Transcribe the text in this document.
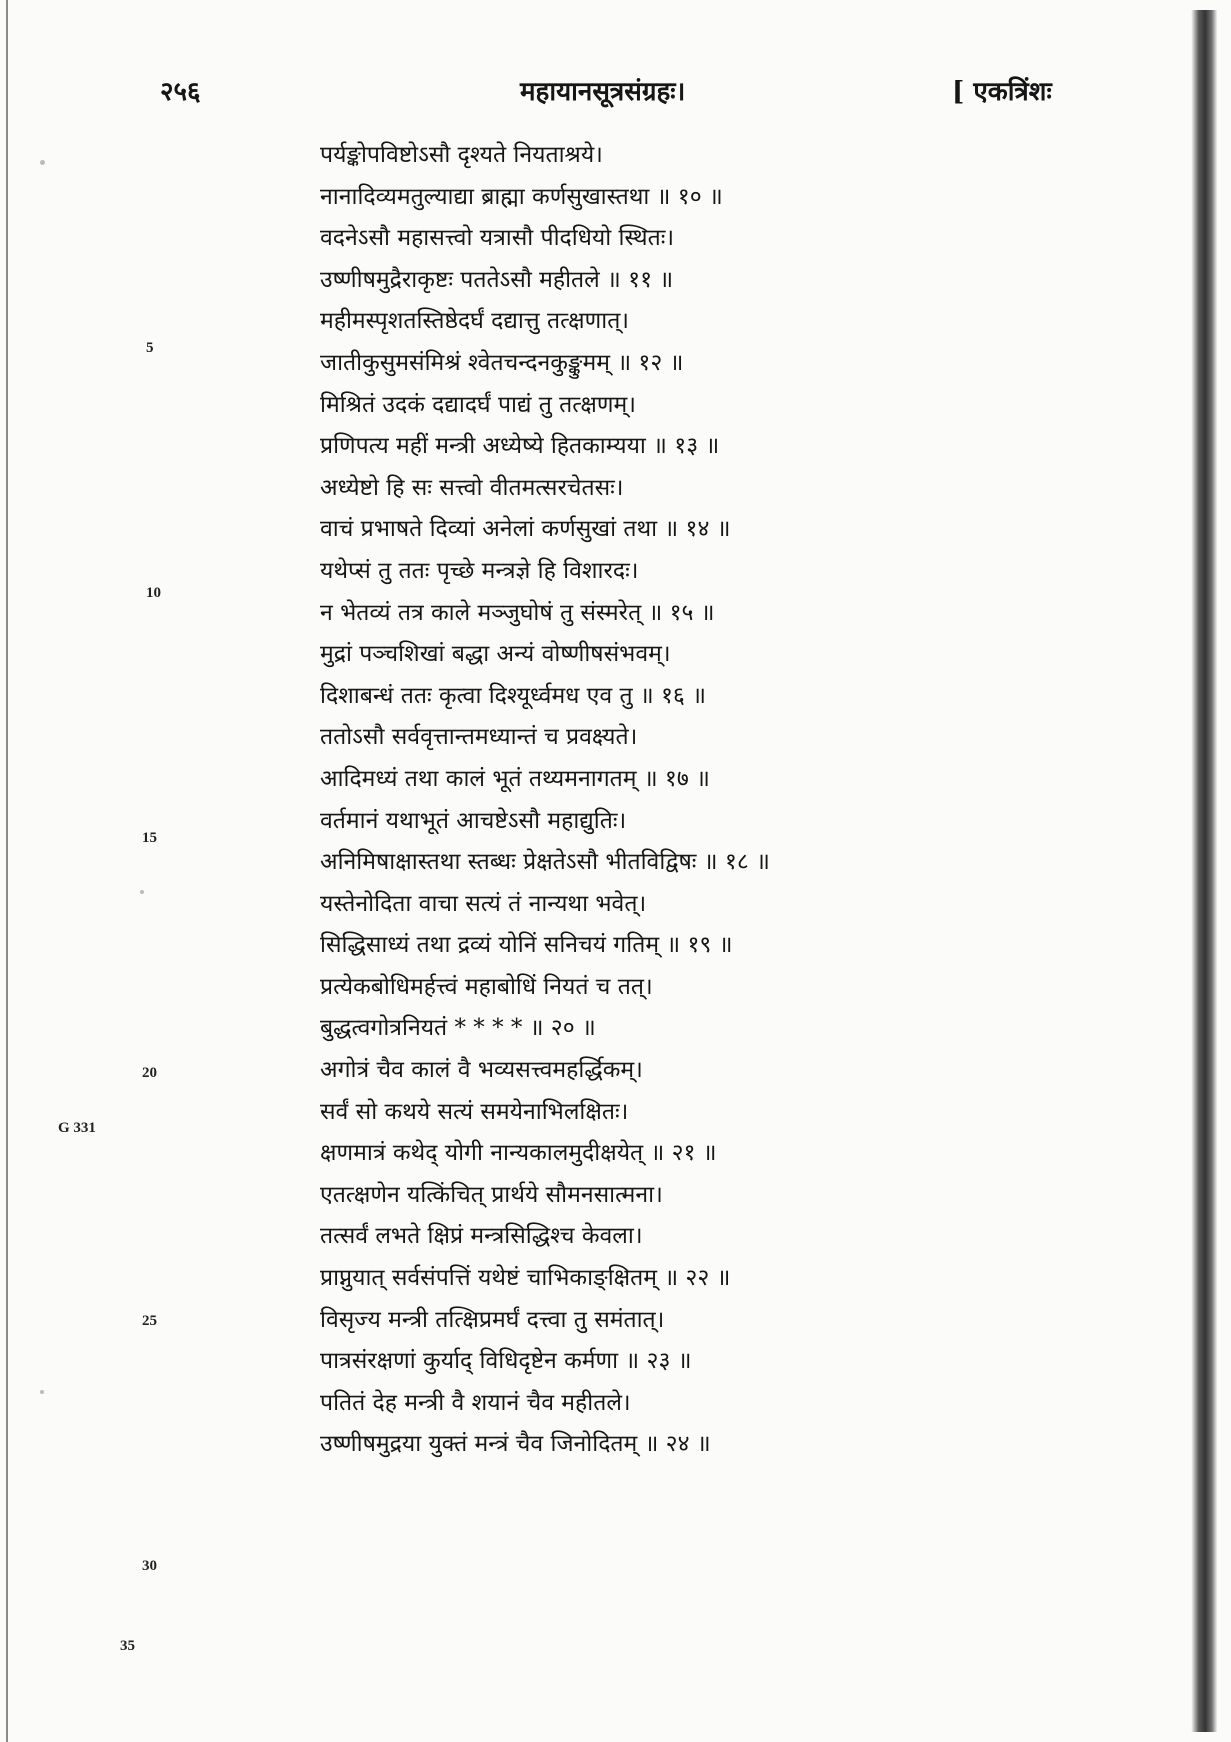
२५६	महायानसूत्रसंग्रहः।	[ एकत्रिंशः
पर्यङ्कोपविष्टोऽसौ दृश्यते नियताश्रये।
नानादिव्यमतुल्याद्या ब्राह्मा कर्णसुखास्तथा ॥ १० ॥
वदनेऽसौ महासत्त्वो यत्रासौ पीदधियो स्थितः।
उष्णीषमुद्रैराकृष्टः पततेऽसौ महीतले ॥ ११ ॥
महीमस्पृशतस्तिष्ठेदर्घं दद्यात्तु तत्क्षणात्।
जातीकुसुमसंमिश्रं श्वेतचन्दनकुङ्कुमम् ॥ १२ ॥
मिश्रितं उदकं दद्यादर्घं पाद्यं तु तत्क्षणम्।
प्रणिपत्य महीं मन्त्री अध्येष्ये हितकाम्यया ॥ १३ ॥
अध्येष्टो हि सः सत्त्वो वीतमत्सरचेतसः।
वाचं प्रभाषते दिव्यां अनेलां कर्णसुखां तथा ॥ १४ ॥
यथेप्सं तु ततः पृच्छे मन्त्रज्ञे हि विशारदः।
न भेतव्यं तत्र काले मञ्जुघोषं तु संस्मरेत् ॥ १५ ॥
मुद्रां पञ्चशिखां बद्धा अन्यं वोष्णीषसंभवम्।
दिशाबन्धं ततः कृत्वा दिश्यूर्ध्वमध एव तु ॥ १६ ॥
ततोऽसौ सर्ववृत्तान्तमध्यान्तं च प्रवक्ष्यते।
आदिमध्यं तथा कालं भूतं तथ्यमनागतम् ॥ १७ ॥
वर्तमानं यथाभूतं आचष्टेऽसौ महाद्युतिः।
अनिमिषाक्षास्तथा स्तब्धः प्रेक्षतेऽसौ भीतविद्विषः ॥ १८ ॥
यस्तेनोदिता वाचा सत्यं तं नान्यथा भवेत्।
सिद्धिसाध्यं तथा द्रव्यं योनिं सनिचयं गतिम् ॥ १९ ॥
प्रत्येकबोधिमर्हत्त्वं महाबोधिं नियतं च तत्।
बुद्धत्वगोत्रनियतं * * * * ॥ २० ॥
अगोत्रं चैव कालं वै भव्यसत्त्वमहर्द्धिकम्।
सर्वं सो कथये सत्यं समयेनाभिलक्षितः।
क्षणमात्रं कथेद् योगी नान्यकालमुदीक्षयेत् ॥ २१ ॥
एतत्क्षणेन यत्किंचित् प्रार्थये सौमनसात्मना।
तत्सर्वं लभते क्षिप्रं मन्त्रसिद्धिश्च केवला।
प्राप्नुयात् सर्वसंपत्तिं यथेष्टं चाभिकाङ्क्षितम् ॥ २२ ॥
विसृज्य मन्त्री तत्क्षिप्रमर्घं दत्त्वा तु समंतात्।
पात्रसंरक्षणां कुर्याद् विधिदृष्टेन कर्मणा ॥ २३ ॥
पतितं देह मन्त्री वै शयानं चैव महीतले।
उष्णीषमुद्रया युक्तं मन्त्रं चैव जिनोदितम् ॥ २४ ॥
5
10
15
20
G 331
25
30
35
